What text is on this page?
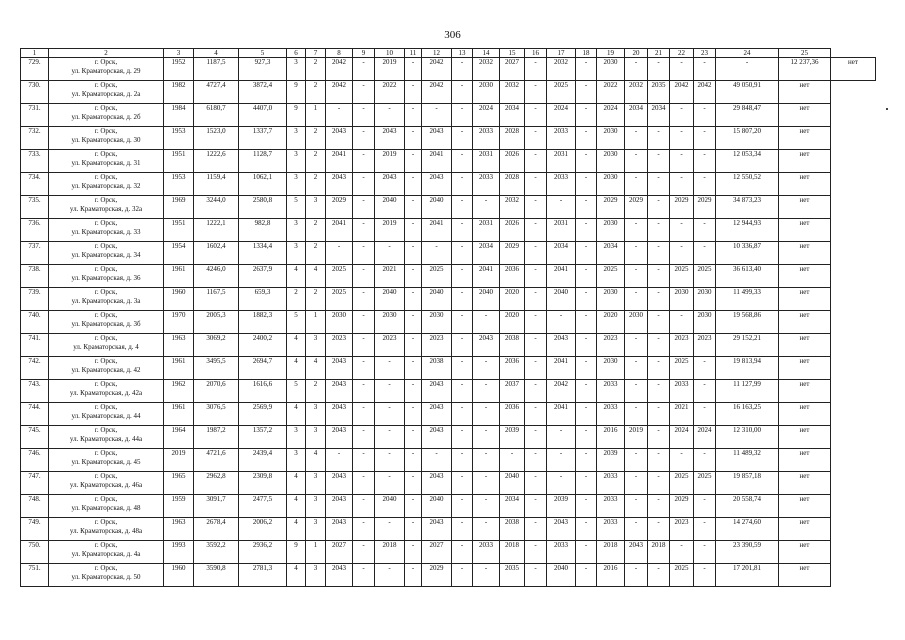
306
1	2	3	4	5	6	7	8	9	10	11	12	13	14	15	16	17	18	19	20	21	22	23	24	25	
729.	г. Орск,
ул. Краматорская, д. 29	1952	1187,5	927,3	3	2	2042	-	2019	-	2042	-	2032	2027	-	2032	-	2030	-	-	-	-	-	12 237,36	нет
730.	г. Орск,
ул. Краматорская, д. 2а	1982	4727,4	3872,4	9	2	2042	-	2022	-	2042	-	2030	2032	-	2025	-	2022	2032	2035	2042	2042	49 050,91	нет	
731.	г. Орск,
ул. Краматорская, д. 2б	1984	6180,7	4407,0	9	1	-	-	-	-	-	-	2024	2034	-	2024	-	2024	2034	2034	-	-	29 848,47	нет	
732.	г. Орск,
ул. Краматорская, д. 30	1953	1523,0	1337,7	3	2	2043	-	2043	-	2043	-	2033	2028	-	2033	-	2030	-	-	-	-	15 807,20	нет	
733.	г. Орск,
ул. Краматорская, д. 31	1951	1222,6	1128,7	3	2	2041	-	2019	-	2041	-	2031	2026	-	2031	-	2030	-	-	-	-	12 053,34	нет	
734.	г. Орск,
ул. Краматорская, д. 32	1953	1159,4	1062,1	3	2	2043	-	2043	-	2043	-	2033	2028	-	2033	-	2030	-	-	-	-	12 550,52	нет	
735.	г. Орск,
ул. Краматорская, д. 32а	1969	3244,0	2580,8	5	3	2029	-	2040	-	2040	-	-	2032	-	-	-	2029	2029	-	2029	2029	34 873,23	нет	
736.	г. Орск,
ул. Краматорская, д. 33	1951	1222,1	982,8	3	2	2041	-	2019	-	2041	-	2031	2026	-	2031	-	2030	-	-	-	-	12 944,93	нет	
737.	г. Орск,
ул. Краматорская, д. 34	1954	1602,4	1334,4	3	2	-	-	-	-	-	-	2034	2029	-	2034	-	2034	-	-	-	-	10 336,87	нет	
738.	г. Орск,
ул. Краматорская, д. 36	1961	4246,0	2637,9	4	4	2025	-	2021	-	2025	-	2041	2036	-	2041	-	2025	-	-	2025	2025	36 613,40	нет	
739.	г. Орск,
ул. Краматорская, д. 3а	1960	1167,5	659,3	2	2	2025	-	2040	-	2040	-	2040	2020	-	2040	-	2030	-	-	2030	2030	11 499,33	нет	
740.	г. Орск,
ул. Краматорская, д. 3б	1970	2005,3	1882,3	5	1	2030	-	2030	-	2030	-	-	2020	-	-	-	2020	2030	-	-	2030	19 568,86	нет	
741.	г. Орск,
ул. Краматорская, д. 4	1963	3069,2	2400,2	4	3	2023	-	2023	-	2023	-	2043	2038	-	2043	-	2023	-	-	2023	2023	29 152,21	нет	
742.	г. Орск,
ул. Краматорская, д. 42	1961	3495,5	2694,7	4	4	2043	-	-	-	2038	-	-	2036	-	2041	-	2030	-	-	2025	-	19 813,94	нет	
743.	г. Орск,
ул. Краматорская, д. 42а	1962	2070,6	1616,6	5	2	2043	-	-	-	2043	-	-	2037	-	2042	-	2033	-	-	2033	-	11 127,99	нет	
744.	г. Орск,
ул. Краматорская, д. 44	1961	3076,5	2569,9	4	3	2043	-	-	-	2043	-	-	2036	-	2041	-	2033	-	-	2021	-	16 163,25	нет	
745.	г. Орск,
ул. Краматорская, д. 44а	1964	1987,2	1357,2	3	3	2043	-	-	-	2043	-	-	2039	-	-	-	2016	2019	-	2024	2024	12 310,00	нет	
746.	г. Орск,
ул. Краматорская, д. 45	2019	4721,6	2439,4	3	4	-	-	-	-	-	-	-	-	-	-	-	2039	-	-	-	-	11 489,32	нет	
747.	г. Орск,
ул. Краматорская, д. 46а	1965	2962,8	2309,8	4	3	2043	-	-	-	2043	-	-	2040	-	-	-	2033	-	-	2025	2025	19 857,18	нет	
748.	г. Орск,
ул. Краматорская, д. 48	1959	3091,7	2477,5	4	3	2043	-	2040	-	2040	-	-	2034	-	2039	-	2033	-	-	2029	-	20 558,74	нет	
749.	г. Орск,
ул. Краматорская, д. 48а	1963	2678,4	2006,2	4	3	2043	-	-	-	2043	-	-	2038	-	2043	-	2033	-	-	2023	-	14 274,60	нет	
750.	г. Орск,
ул. Краматорская, д. 4а	1993	3592,2	2936,2	9	1	2027	-	2018	-	2027	-	2033	2018	-	2033	-	2018	2043	2018	-	-	23 390,59	нет	
751.	г. Орск,
ул. Краматорская, д. 50	1960	3590,8	2781,3	4	3	2043	-	-	-	2029	-	-	2035	-	2040	-	2016	-	-	2025	-	17 201,81	нет	
